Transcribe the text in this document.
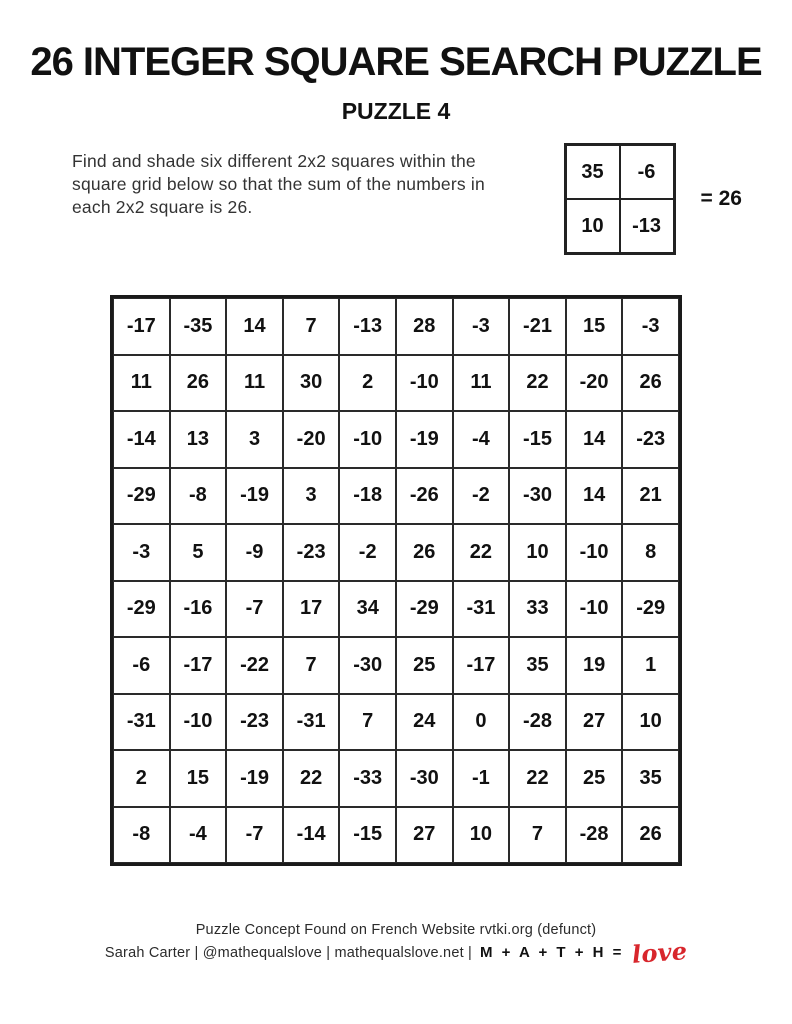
26 INTEGER SQUARE SEARCH PUZZLE
PUZZLE 4
Find and shade six different 2x2 squares within the square grid below so that the sum of the numbers in each 2x2 square is 26.
35	-6
10	-13
= 26
-17	-35	14	7	-13	28	-3	-21	15	-3
11	26	11	30	2	-10	11	22	-20	26
-14	13	3	-20	-10	-19	-4	-15	14	-23
-29	-8	-19	3	-18	-26	-2	-30	14	21
-3	5	-9	-23	-2	26	22	10	-10	8
-29	-16	-7	17	34	-29	-31	33	-10	-29
-6	-17	-22	7	-30	25	-17	35	19	1
-31	-10	-23	-31	7	24	0	-28	27	10
2	15	-19	22	-33	-30	-1	22	25	35
-8	-4	-7	-14	-15	27	10	7	-28	26
Puzzle Concept Found on French Website rvtki.org (defunct)
Sarah Carter | @mathequalslove | mathequalslove.net | M + A + T + H = love
